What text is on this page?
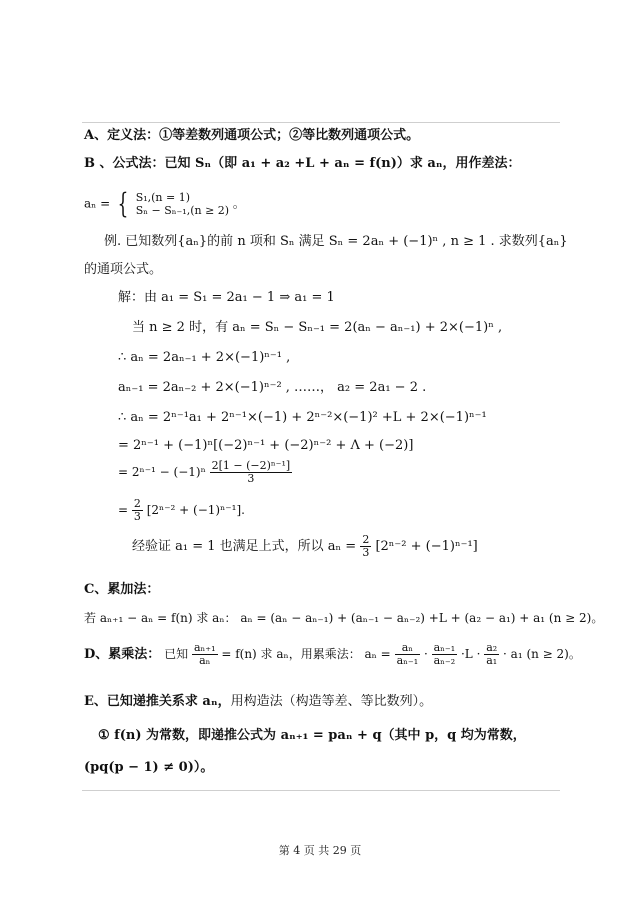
A、定义法：①等差数列通项公式；②等比数列通项公式。
B 、公式法：已知 Sₙ（即 a₁ + a₂ +L + aₙ = f(n)）求 aₙ，用作差法：
aₙ = { S₁,(n = 1)
Sₙ − Sₙ₋₁,(n ≥ 2) 。
例. 已知数列{aₙ}的前 n 项和 Sₙ 满足 Sₙ = 2aₙ + (−1)ⁿ , n ≥ 1 . 求数列{aₙ}
的通项公式。
解：由 a₁ = S₁ = 2a₁ − 1 ⇒ a₁ = 1
当 n ≥ 2 时，有 aₙ = Sₙ − Sₙ₋₁ = 2(aₙ − aₙ₋₁) + 2×(−1)ⁿ ,
∴ aₙ = 2aₙ₋₁ + 2×(−1)ⁿ⁻¹ ,
aₙ₋₁ = 2aₙ₋₂ + 2×(−1)ⁿ⁻² , ……， a₂ = 2a₁ − 2 .
∴ aₙ = 2ⁿ⁻¹a₁ + 2ⁿ⁻¹×(−1) + 2ⁿ⁻²×(−1)² +L + 2×(−1)ⁿ⁻¹
= 2ⁿ⁻¹ + (−1)ⁿ[(−2)ⁿ⁻¹ + (−2)ⁿ⁻² + Λ + (−2)]
= $2^{n-1} - (-1)^n \frac{\text{2[1 − (−2)ⁿ⁻¹]}}{3}$
= $\frac{2}{3} [2^{n-2} + (-1)^{n-1}]$.
经验证 a₁ = 1 也满足上式，所以 $a_n = \frac{2}{3} [2^{n-2} + (-1)^{n-1}]$
C、累加法：
若 aₙ₊₁ − aₙ = f(n) 求 aₙ： aₙ = (aₙ − aₙ₋₁) + (aₙ₋₁ − aₙ₋₂) +L + (a₂ − a₁) + a₁ (n ≥ 2)。
D、累乘法： 已知 $\frac{\text{aₙ₊₁}}{\text{aₙ}} = f(n)$ 求 aₙ，用累乘法： $a_n = \frac{\text{aₙ}}{\text{aₙ₋₁}} \cdot \frac{\text{aₙ₋₁}}{\text{aₙ₋₂}} \cdot L \cdot \frac{\text{a₂}}{\text{a₁}} \cdot a_1$ (n ≥ 2)。
E、已知递推关系求 aₙ，用构造法（构造等差、等比数列）。
① f(n) 为常数，即递推公式为 aₙ₊₁ = paₙ + q（其中 p，q 均为常数，
(pq(p − 1) ≠ 0)）。
第 4 页 共 29 页
